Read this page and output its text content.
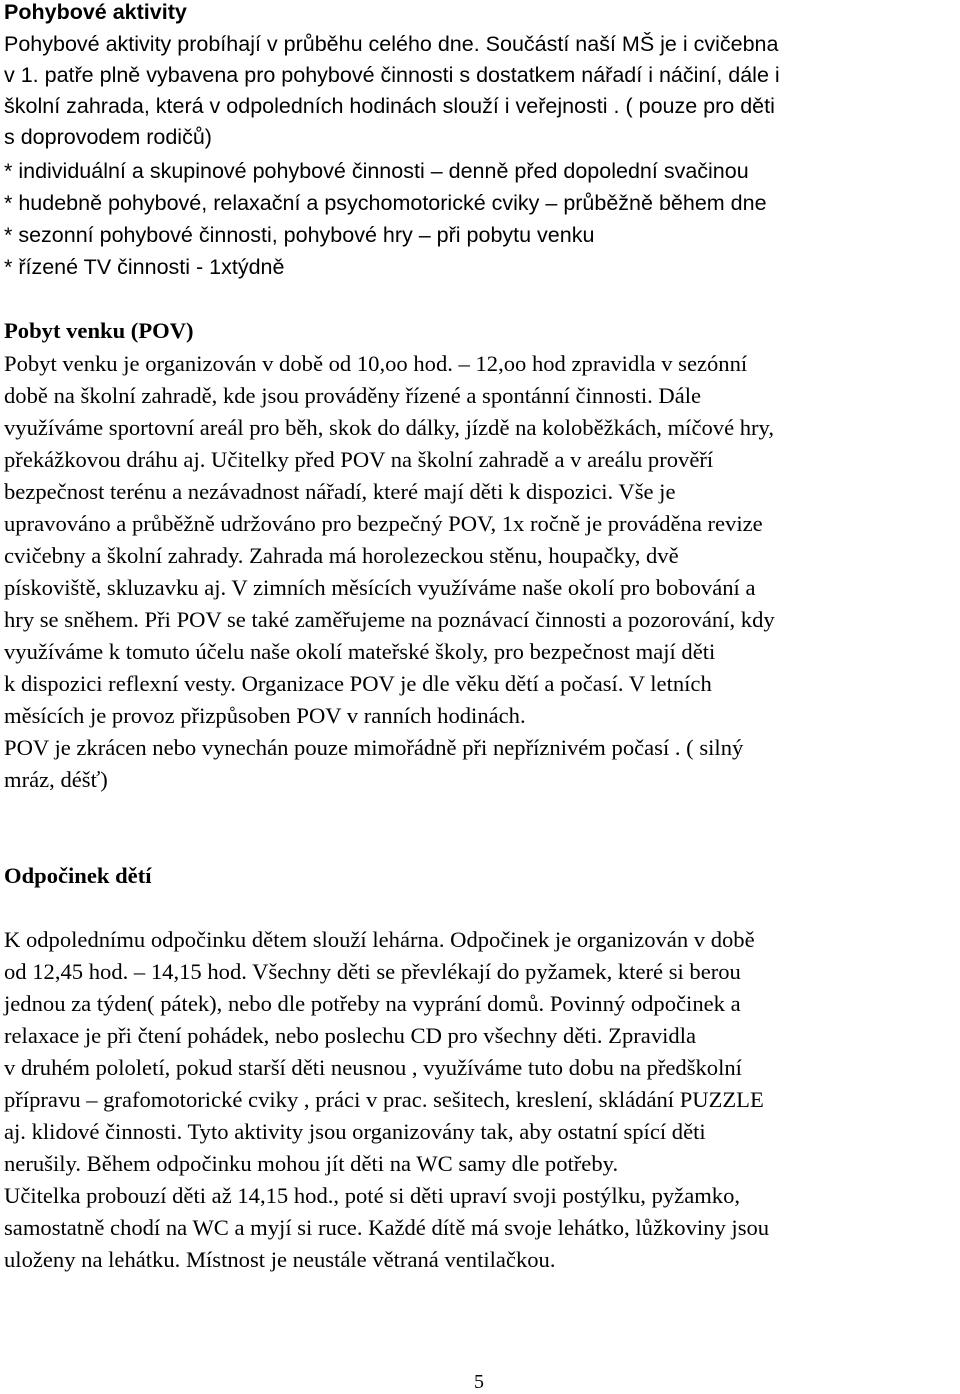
Pohybové aktivity
Pohybové aktivity probíhají v průběhu celého dne. Součástí naší MŠ je i cvičebna
v 1. patře plně vybavena pro pohybové činnosti s dostatkem nářadí i náčiní, dále i
školní zahrada, která v odpoledních hodinách slouží i veřejnosti . ( pouze pro děti
s doprovodem rodičů)
* individuální a skupinové pohybové činnosti – denně před dopolední svačinou
* hudebně pohybové, relaxační a psychomotorické cviky – průběžně během dne
* sezonní pohybové činnosti, pohybové hry – při pobytu venku
* řízené TV činnosti - 1xtýdně
Pobyt venku (POV)
Pobyt venku je organizován v době od 10,oo hod. – 12,oo hod zpravidla v sezónní
době na školní zahradě, kde jsou prováděny řízené a spontánní činnosti. Dále
využíváme sportovní areál pro běh, skok do dálky, jízdě na koloběžkách, míčové hry,
překážkovou dráhu aj. Učitelky před POV na školní zahradě a v areálu prověří
bezpečnost terénu a nezávadnost nářadí, které mají děti k dispozici. Vše je
upravováno a průběžně udržováno pro bezpečný POV, 1x ročně je prováděna revize
cvičebny a školní zahrady. Zahrada má horolezeckou stěnu, houpačky, dvě
pískoviště, skluzavku aj. V zimních měsících využíváme naše okolí pro bobování a
hry se sněhem. Při POV se také zaměřujeme na poznávací činnosti a pozorování, kdy
využíváme k tomuto účelu naše okolí mateřské školy, pro bezpečnost mají děti
k dispozici reflexní vesty. Organizace POV je dle věku dětí a počasí. V letních
měsících je provoz přizpůsoben POV v ranních hodinách.
POV je zkrácen nebo vynechán pouze mimořádně při nepříznivém počasí . ( silný
mráz, déšť)
Odpočinek dětí
K odpolednímu odpočinku dětem slouží lehárna. Odpočinek je organizován v době
od 12,45 hod. – 14,15 hod. Všechny děti se převlékají do pyžamek, které si berou
jednou za týden( pátek), nebo dle potřeby na vyprání domů. Povinný odpočinek a
relaxace je při čtení pohádek, nebo poslechu CD pro všechny děti. Zpravidla
v druhém pololetí, pokud starší děti neusnou , využíváme tuto dobu na předškolní
přípravu – grafomotorické cviky , práci v prac. sešitech, kreslení, skládání PUZZLE
aj. klidové činnosti. Tyto aktivity jsou organizovány tak, aby ostatní spící děti
nerušily. Během odpočinku mohou jít děti na WC samy dle potřeby.
Učitelka probouzí děti až 14,15 hod., poté si děti upraví svoji postýlku, pyžamko,
samostatně chodí na WC a myjí si ruce. Každé dítě má svoje lehátko, lůžkoviny jsou
uloženy na lehátku. Místnost je neustále větraná ventilačkou.
5
